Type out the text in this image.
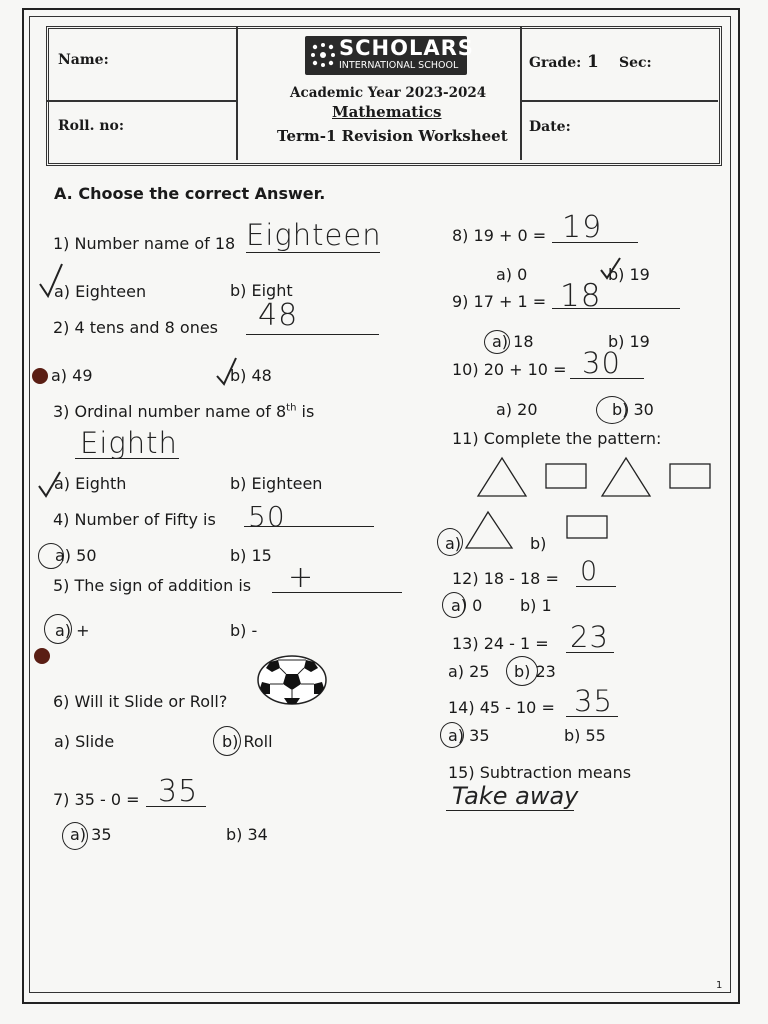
Name:
Roll. no:
SCHOLARS
INTERNATIONAL SCHOOL
Academic Year 2023-2024
Mathematics
Term-1 Revision Worksheet
Grade: 1 Sec:
Date:
A. Choose the correct Answer.
1) Number name of 18 Eighteen
a) Eighteen	b) Eight
2) 4 tens and 8 ones 48
a) 49	b) 48
3) Ordinal number name of 8th is
Eighth
a) Eighth	b) Eighteen
4) Number of Fifty is 50
a) 50	b) 15
5) The sign of addition is +
a) +	b) -
6) Will it Slide or Roll?
a) Slide	b) Roll
7) 35 - 0 = 35
a) 35	b) 34
8) 19 + 0 = 19
a) 0	b) 19
9) 17 + 1 = 18
a) 18	b) 19
10) 20 + 10 = 30
a) 20	b) 30
11) Complete the pattern:
a)	b)
12) 18 - 18 = 0
a) 0 b) 1
13) 24 - 1 = 23
a) 25 b) 23
14) 45 - 10 = 35
a) 35	b) 55
15) Subtraction means
Take away
1
